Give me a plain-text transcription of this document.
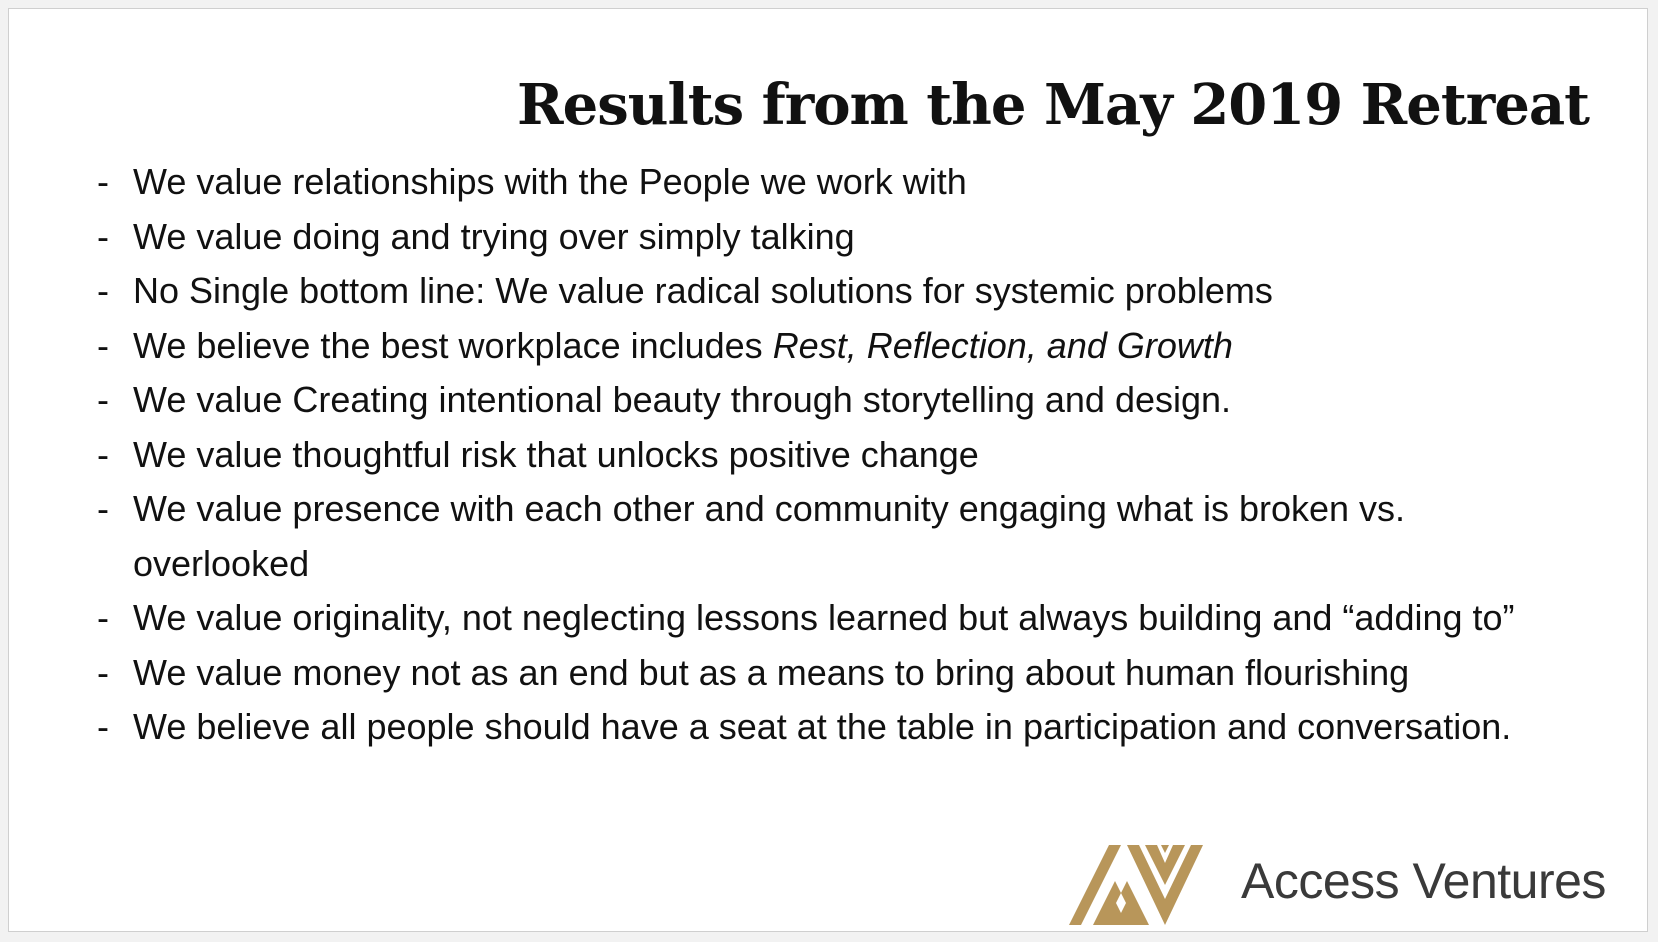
Results from the May 2019 Retreat
- We value relationships with the People we work with
- We value doing and trying over simply talking
- No Single bottom line: We value radical solutions for systemic problems
- We believe the best workplace includes Rest, Reflection, and Growth
- We value Creating intentional beauty through storytelling and design.
- We value thoughtful risk that unlocks positive change
- We value presence with each other and community engaging what is broken vs. overlooked
- We value originality, not neglecting lessons learned but always building and “adding to”
- We value money not as an end but as a means to bring about human flourishing
- We believe all people should have a seat at the table in participation and conversation.
Access Ventures
